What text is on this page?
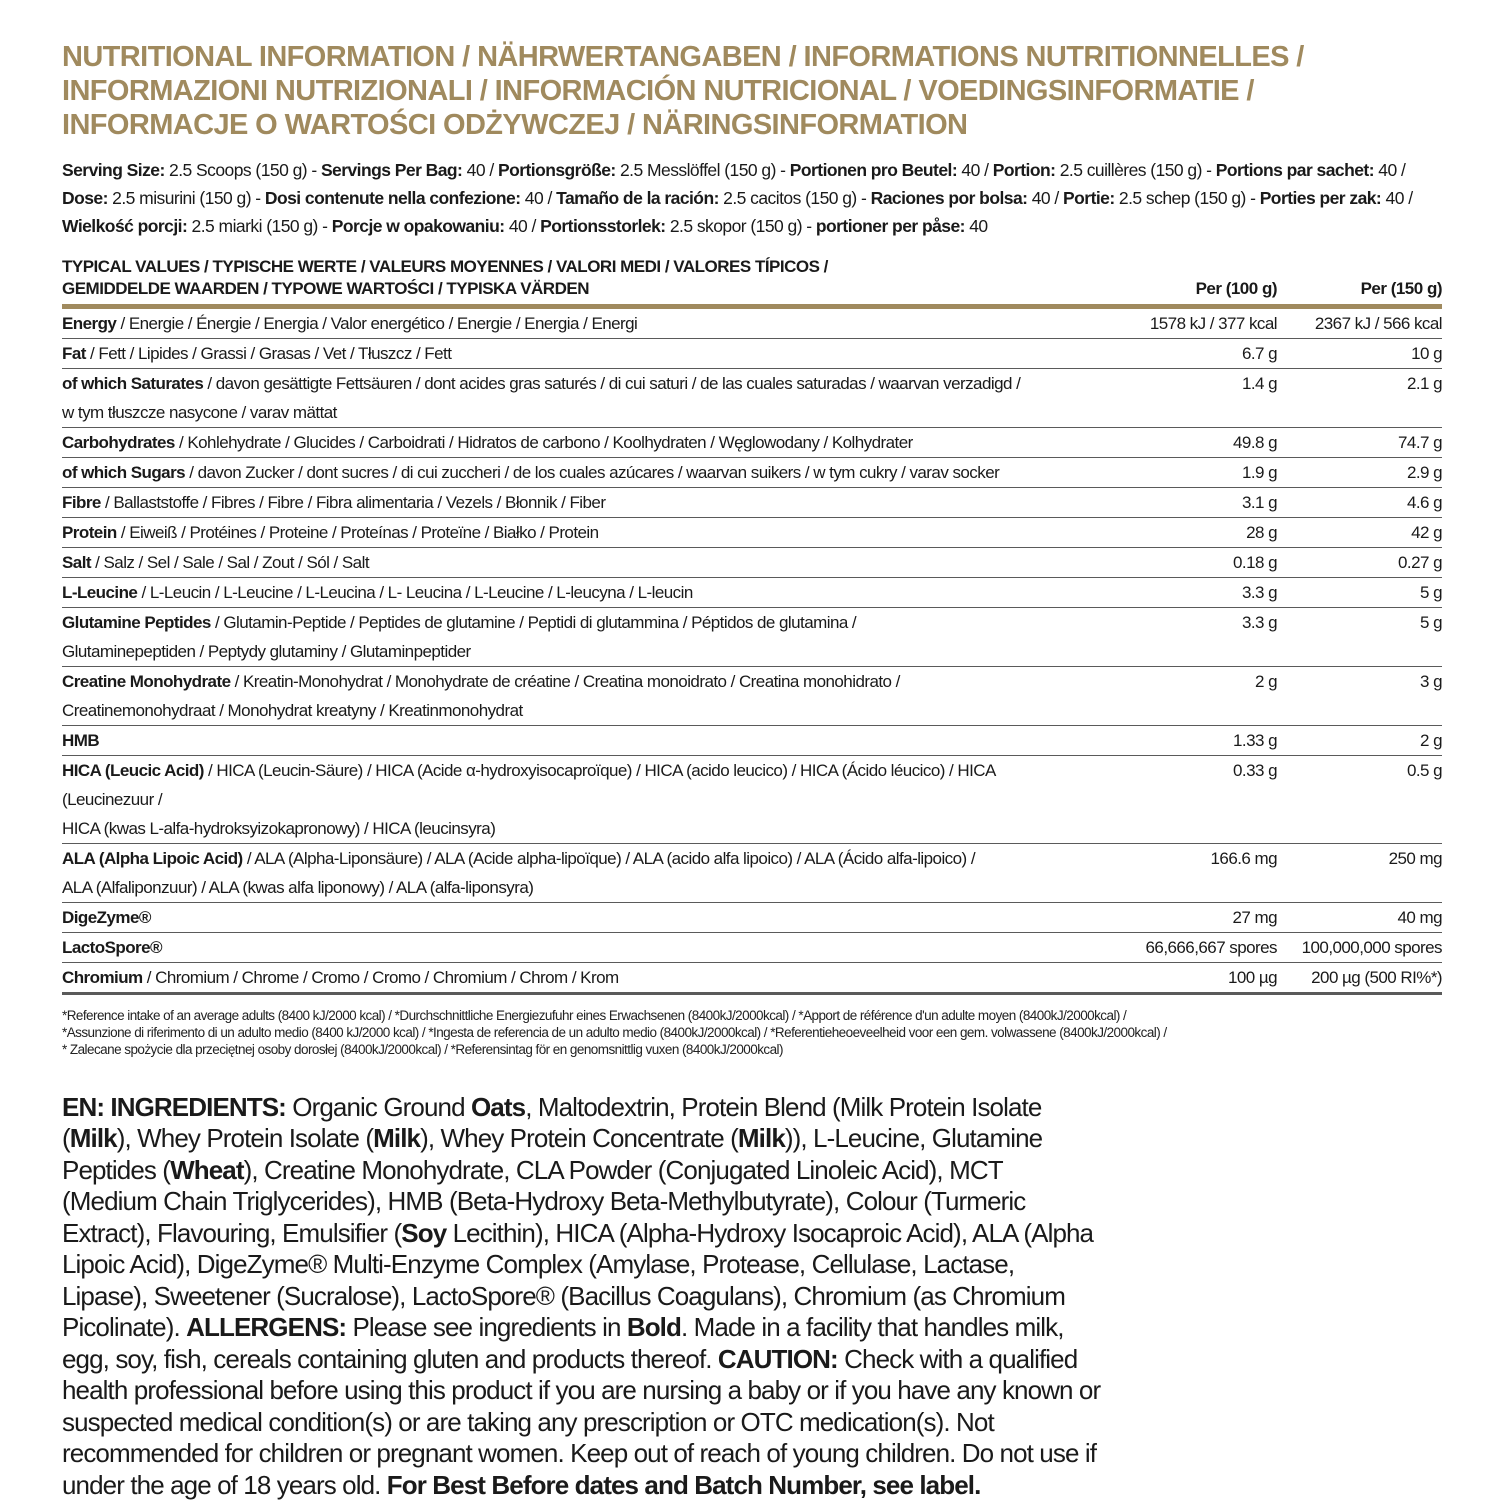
NUTRITIONAL INFORMATION / NÄHRWERTANGABEN / INFORMATIONS NUTRITIONNELLES /
INFORMAZIONI NUTRIZIONALI / INFORMACIÓN NUTRICIONAL / VOEDINGSINFORMATIE /
INFORMACJE O WARTOŚCI ODŻYWCZEJ / NÄRINGSINFORMATION
Serving Size: 2.5 Scoops (150 g) - Servings Per Bag: 40 / Portionsgröße: 2.5 Messlöffel (150 g) - Portionen pro Beutel: 40 / Portion: 2.5 cuillères (150 g) - Portions par sachet: 40 / Dose: 2.5 misurini (150 g) - Dosi contenute nella confezione: 40 / Tamaño de la ración: 2.5 cacitos (150 g) - Raciones por bolsa: 40 / Portie: 2.5 schep (150 g) - Porties per zak: 40 / Wielkość porcji: 2.5 miarki (150 g) - Porcje w opakowaniu: 40 / Portionsstorlek: 2.5 skopor (150 g) - portioner per påse: 40
TYPICAL VALUES / TYPISCHE WERTE / VALEURS MOYENNES / VALORI MEDI / VALORES TÍPICOS /
GEMIDDELDE WAARDEN / TYPOWE WARTOŚCI / TYPISKA VÄRDEN	Per (100 g)	Per (150 g)
Energy / Energie / Énergie / Energia / Valor energético / Energie / Energia / Energi	1578 kJ / 377 kcal	2367 kJ / 566 kcal
Fat / Fett / Lipides / Grassi / Grasas / Vet / Tłuszcz / Fett	6.7 g	10 g
of which Saturates / davon gesättigte Fettsäuren / dont acides gras saturés / di cui saturi / de las cuales saturadas / waarvan verzadigd /
w tym tłuszcze nasycone / varav mättat
1.4 g	2.1 g
Carbohydrates / Kohlehydrate / Glucides / Carboidrati / Hidratos de carbono / Koolhydraten / Węglowodany / Kolhydrater	49.8 g	74.7 g
of which Sugars / davon Zucker / dont sucres / di cui zuccheri / de los cuales azúcares / waarvan suikers / w tym cukry / varav socker	1.9 g	2.9 g
Fibre / Ballaststoffe / Fibres / Fibre / Fibra alimentaria / Vezels / Błonnik / Fiber	3.1 g	4.6 g
Protein / Eiweiß / Protéines / Proteine / Proteínas / Proteïne / Białko / Protein	28 g	42 g
Salt / Salz / Sel / Sale / Sal / Zout / Sól / Salt	0.18 g	0.27 g
L-Leucine / L-Leucin / L-Leucine / L-Leucina / L- Leucina / L-Leucine / L-leucyna / L-leucin	3.3 g	5 g
Glutamine Peptides / Glutamin-Peptide / Peptides de glutamine / Peptidi di glutammina / Péptidos de glutamina /
Glutaminepeptiden / Peptydy glutaminy / Glutaminpeptider
3.3 g	5 g
Creatine Monohydrate / Kreatin-Monohydrat / Monohydrate de créatine / Creatina monoidrato / Creatina monohidrato /
Creatinemonohydraat / Monohydrat kreatyny / Kreatinmonohydrat
2 g	3 g
HMB	1.33 g	2 g
HICA (Leucic Acid) / HICA (Leucin-Säure) / HICA (Acide α-hydroxyisocaproïque) / HICA (acido leucico) / HICA (Ácido léucico) / HICA (Leucinezuur /
HICA (kwas L-alfa-hydroksyizokapronowy) / HICA (leucinsyra)
0.33 g	0.5 g
ALA (Alpha Lipoic Acid) / ALA (Alpha-Liponsäure) / ALA (Acide alpha-lipoïque) / ALA (acido alfa lipoico) / ALA (Ácido alfa-lipoico) /
ALA (Alfaliponzuur) / ALA (kwas alfa liponowy) / ALA (alfa-liponsyra)
166.6 mg	250 mg
DigeZyme®	27 mg	40 mg
LactoSpore®	66,666,667 spores	100,000,000 spores
Chromium / Chromium / Chrome / Cromo / Cromo / Chromium / Chrom / Krom	100 µg	200 µg (500 RI%*)
*Reference intake of an average adults (8400 kJ/2000 kcal) / *Durchschnittliche Energiezufuhr eines Erwachsenen (8400kJ/2000kcal) / *Apport de référence d'un adulte moyen (8400kJ/2000kcal) /
*Assunzione di riferimento di un adulto medio (8400 kJ/2000 kcal) / *Ingesta de referencia de un adulto medio (8400kJ/2000kcal) / *Referentieheoeveelheid voor een gem. volwassene (8400kJ/2000kcal) /
* Zalecane spożycie dla przeciętnej osoby dorosłej (8400kJ/2000kcal) / *Referensintag för en genomsnittlig vuxen (8400kJ/2000kcal)
EN: INGREDIENTS: Organic Ground Oats, Maltodextrin, Protein Blend (Milk Protein Isolate (Milk), Whey Protein Isolate (Milk), Whey Protein Concentrate (Milk)), L-Leucine, Glutamine Peptides (Wheat), Creatine Monohydrate, CLA Powder (Conjugated Linoleic Acid), MCT (Medium Chain Triglycerides), HMB (Beta-Hydroxy Beta-Methylbutyrate), Colour (Turmeric Extract), Flavouring, Emulsifier (Soy Lecithin), HICA (Alpha-Hydroxy Isocaproic Acid), ALA (Alpha Lipoic Acid), DigeZyme® Multi-Enzyme Complex (Amylase, Protease, Cellulase, Lactase, Lipase), Sweetener (Sucralose), LactoSpore® (Bacillus Coagulans), Chromium (as Chromium Picolinate). ALLERGENS: Please see ingredients in Bold. Made in a facility that handles milk, egg, soy, fish, cereals containing gluten and products thereof. CAUTION: Check with a qualified health professional before using this product if you are nursing a baby or if you have any known or suspected medical condition(s) or are taking any prescription or OTC medication(s). Not recommended for children or pregnant women. Keep out of reach of young children. Do not use if under the age of 18 years old. For Best Before dates and Batch Number, see label.
